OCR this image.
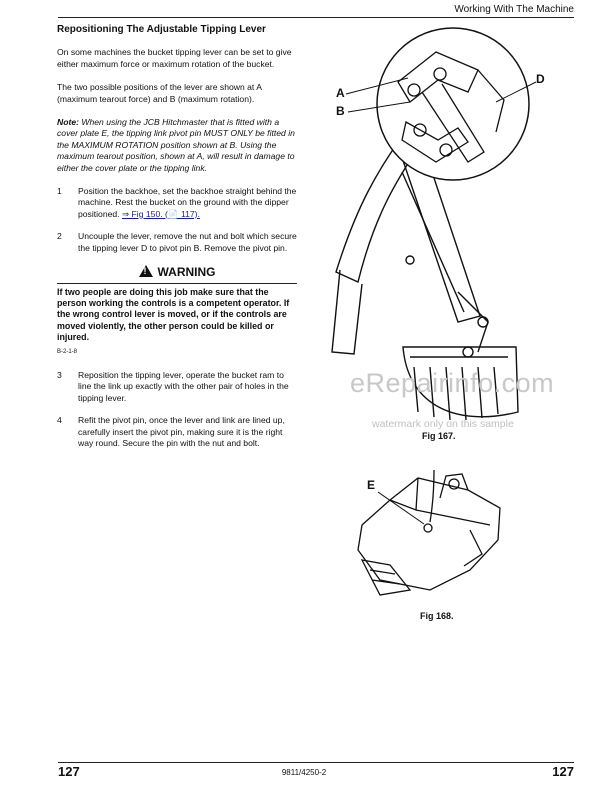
Working With The Machine
Repositioning The Adjustable Tipping Lever

On some machines the bucket tipping lever can be set to give either maximum force or maximum rotation of the bucket.

The two possible positions of the lever are shown at A (maximum tearout force) and B (maximum rotation).

Note: When using the JCB Hitchmaster that is fitted with a cover plate E, the tipping link pivot pin MUST ONLY be fitted in the MAXIMUM ROTATION position shown at B. Using the maximum tearout position, shown at A, will result in damage to either the cover plate or the tipping link.

1	Position the backhoe, set the backhoe straight behind the machine. Rest the bucket on the ground with the dipper positioned. ⇒ Fig 150. (📄 117).
2	Uncouple the lever, remove the nut and bolt which secure the tipping lever D to pivot pin B. Remove the pivot pin.
! WARNING
If two people are doing this job make sure that the person working the controls is a competent operator. If the wrong control lever is moved, or if the controls are moved violently, the other person could be killed or injured.
B-2-1-8
3	Reposition the tipping lever, operate the bucket ram to line the link up exactly with the other pair of holes in the tipping lever.
4	Refit the pivot pin, once the lever and link are lined up, carefully insert the pivot pin, making sure it is the right way round. Secure the pin with the nut and bolt.
A
B
D
Fig 167.
E
Fig 168.
eRepairinfo.com
watermark only on this sample
127	9811/4250-2	127
